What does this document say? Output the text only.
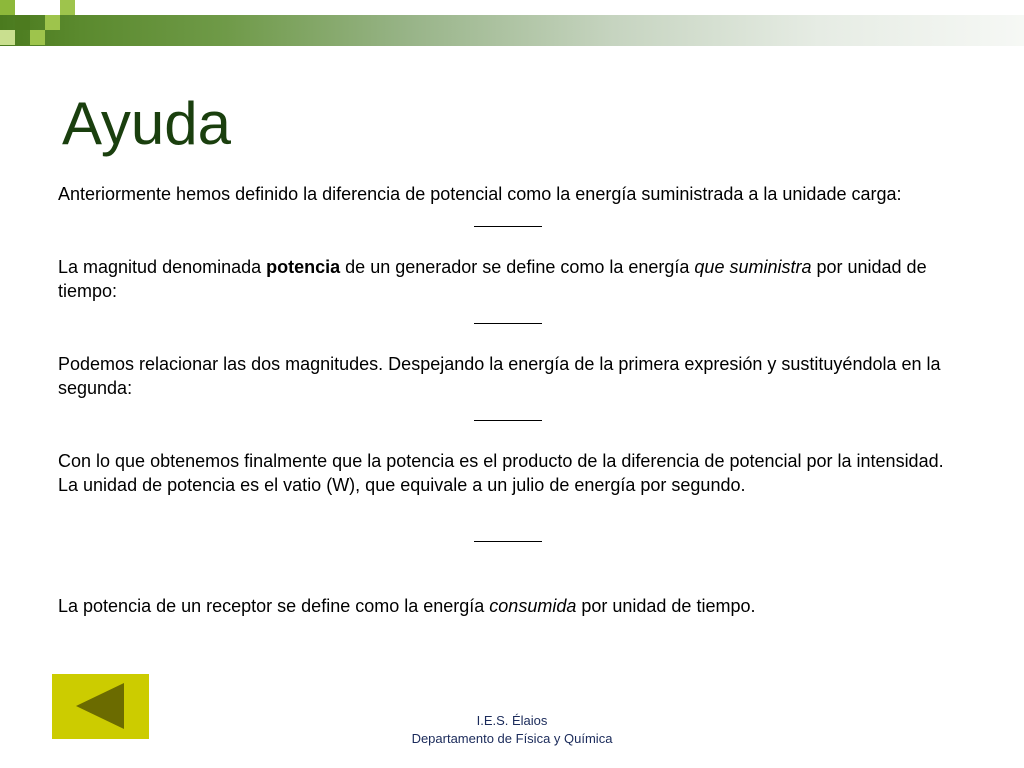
Ayuda

Anteriormente hemos definido la diferencia de potencial como la energía suministrada a la unidade carga:

La magnitud denominada potencia de un generador se define como la energía que suministra por unidad de tiempo:

Podemos relacionar las dos magnitudes. Despejando la energía de la primera expresión y sustituyéndola en la segunda:

Con lo que obtenemos finalmente que la potencia es el producto de la diferencia de potencial por la intensidad. La unidad de potencia es el vatio (W), que equivale a un julio de energía por segundo.

La potencia de un receptor se define como la energía consumida por unidad de tiempo.

I.E.S. Élaios
Departamento de Física y Química
